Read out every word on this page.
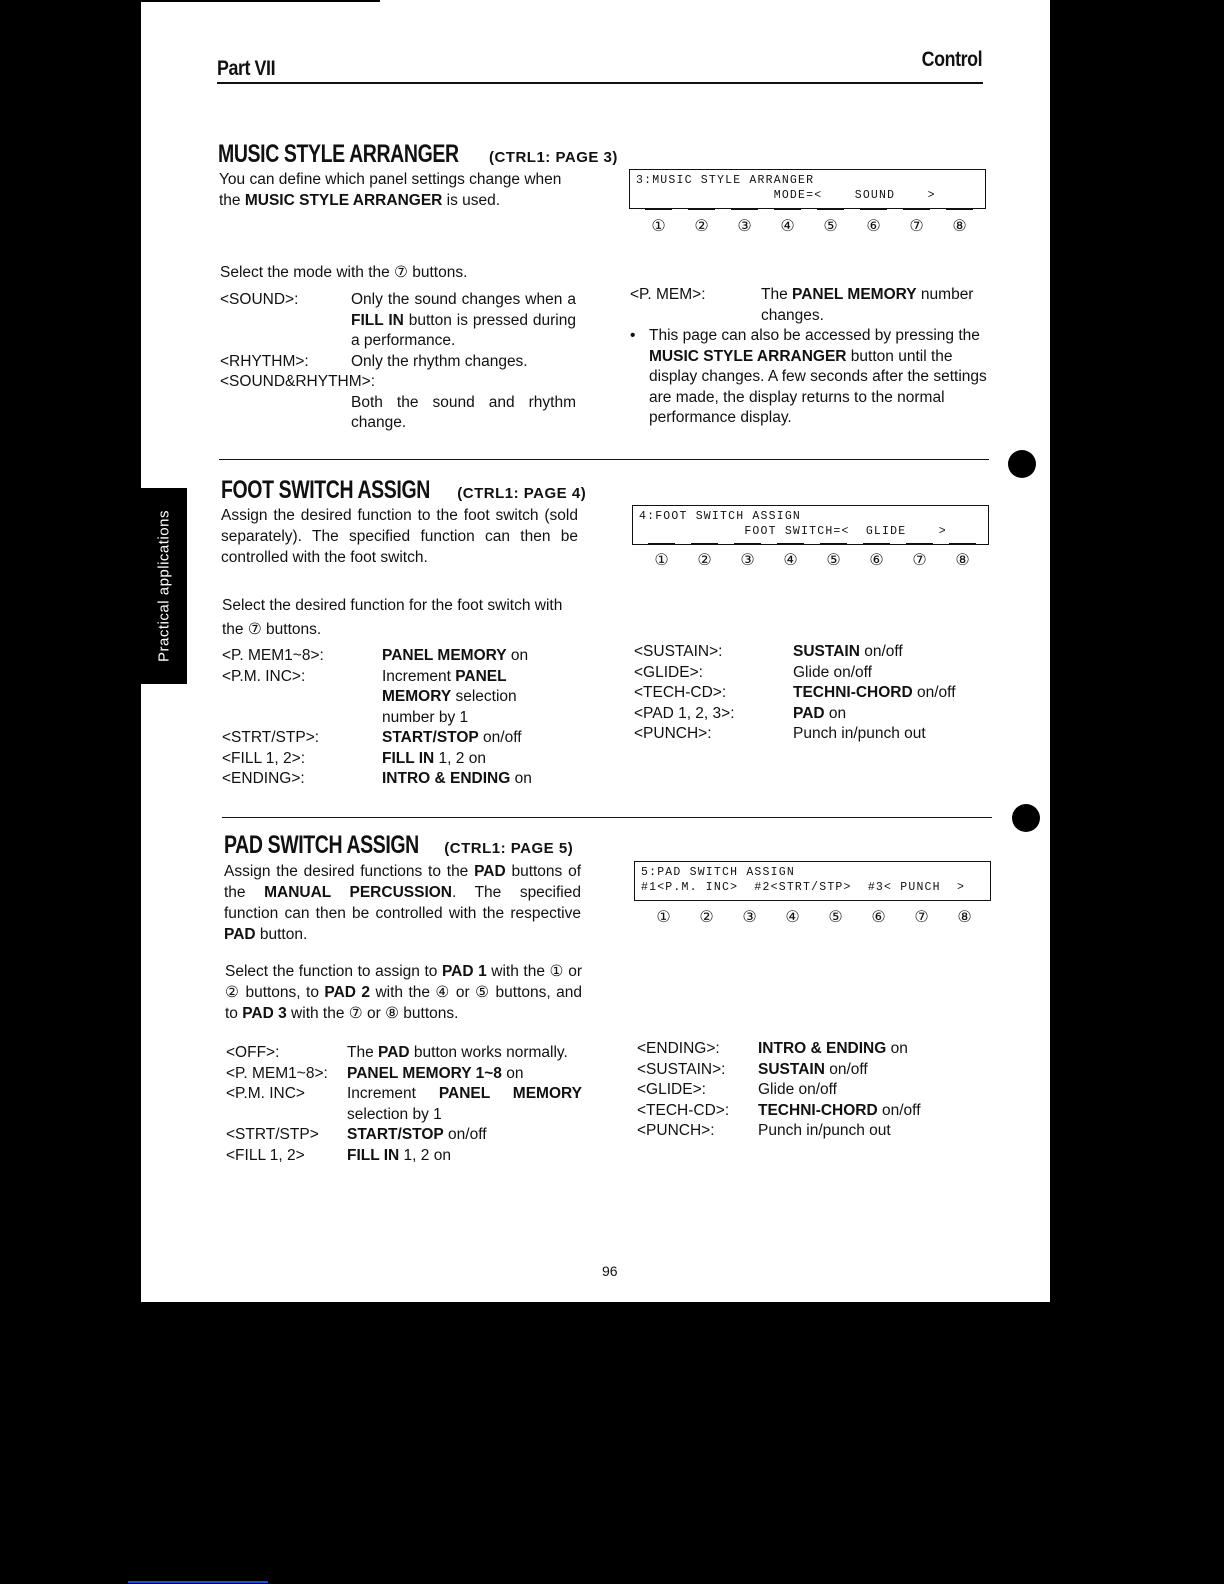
Part VII	Control
Practical applications
MUSIC STYLE ARRANGER (CTRL1: PAGE 3)

You can define which panel settings change when
the MUSIC STYLE ARRANGER is used.

3:MUSIC STYLE ARRANGER
MODE=<    SOUND    >
①	②	③	④	⑤	⑥	⑦	⑧

Select the mode with the ⑦ buttons.

<SOUND>:	Only the sound changes when a FILL IN button is pressed during a performance.
<RHYTHM>:	Only the rhythm changes.
<SOUND&RHYTHM>:
Both the sound and rhythm change.
<P. MEM>:	The PANEL MEMORY number changes.
• This page can also be accessed by pressing the MUSIC STYLE ARRANGER button until the display changes. A few seconds after the settings are made, the display returns to the normal performance display.
FOOT SWITCH ASSIGN (CTRL1: PAGE 4)

Assign the desired function to the foot switch (sold separately). The specified function can then be controlled with the foot switch.

4:FOOT SWITCH ASSIGN
FOOT SWITCH=<  GLIDE    >
①	②	③	④	⑤	⑥	⑦	⑧

Select the desired function for the foot switch with the ⑦ buttons.

<P. MEM1~8>:	PANEL MEMORY on
<P.M. INC>:	Increment PANEL MEMORY selection number by 1
<STRT/STP>:	START/STOP on/off
<FILL 1, 2>:	FILL IN 1, 2 on
<ENDING>:	INTRO & ENDING on
<SUSTAIN>:	SUSTAIN on/off
<GLIDE>:	Glide on/off
<TECH-CD>:	TECHNI-CHORD on/off
<PAD 1, 2, 3>:	PAD on
<PUNCH>:	Punch in/punch out
PAD SWITCH ASSIGN (CTRL1: PAGE 5)

Assign the desired functions to the PAD buttons of the MANUAL PERCUSSION. The specified function can then be controlled with the respective PAD button.

5:PAD SWITCH ASSIGN
#1<P.M. INC>  #2<STRT/STP>  #3< PUNCH  >
①	②	③	④	⑤	⑥	⑦	⑧

Select the function to assign to PAD 1 with the ① or ② buttons, to PAD 2 with the ④ or ⑤ buttons, and to PAD 3 with the ⑦ or ⑧ buttons.

<OFF>:	The PAD button works normally.
<P. MEM1~8>:	PANEL MEMORY 1~8 on
<P.M. INC>	Increment PANEL MEMORY selection by 1
<STRT/STP>	START/STOP on/off
<FILL 1, 2>	FILL IN 1, 2 on
<ENDING>:	INTRO & ENDING on
<SUSTAIN>:	SUSTAIN on/off
<GLIDE>:	Glide on/off
<TECH-CD>:	TECHNI-CHORD on/off
<PUNCH>:	Punch in/punch out
96
